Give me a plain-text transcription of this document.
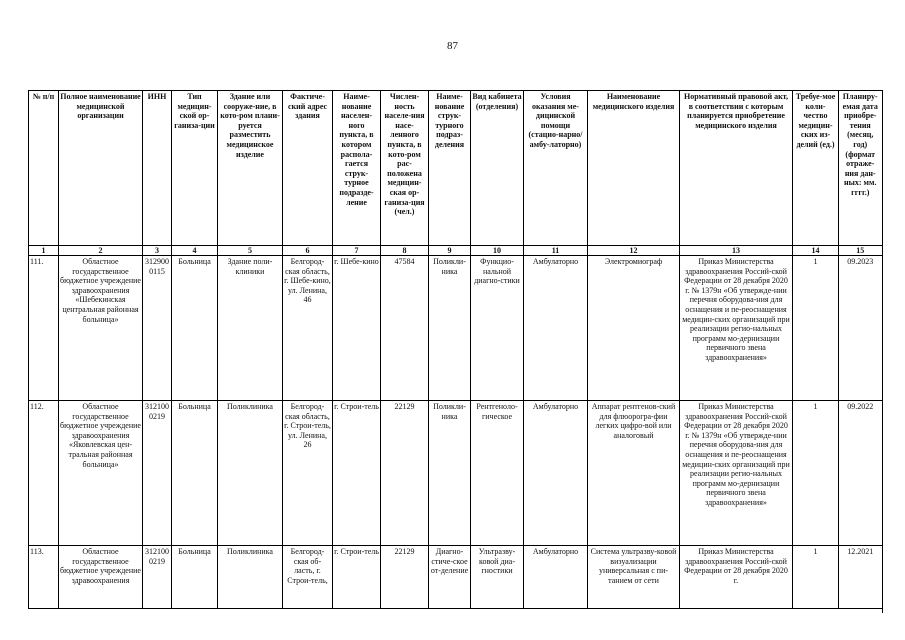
87
№ п/п	Полное наименование медицинской организации	ИНН	Тип медицин-ской ор-ганиза-ции	Здание или сооруже-ние, в кото-ром плани-руется разместить медицинское изделие	Фактиче-ский адрес здания	Наиме-нование населен-ного пункта, в котором распола-гается струк-турное подразде-ление	Числен-ность населе-ния насе-ленного пункта, в кото-ром рас-положена медицин-ская ор-ганиза-ция (чел.)	Наиме-нование струк-турного подраз-деления	Вид кабинета (отделения)	Условия оказания ме-дицинской помощи (стацио-нарно/амбу-латорно)	Наименование медицинского изделия	Нормативный правовой акт, в соответствии с которым планируется приобретение медицинского изделия	Требуе-мое коли-чество медицин-ских из-делий (ед.)	Планиру-емая дата приобре-тения (месяц, год) (формат отраже-ния дан-ных: мм. гггг.)
1	2	3	4	5	6	7	8	9	10	11	12	13	14	15
111.	Областное государственное бюджетное учреждение здравоохранения «Шебекинская центральная районная больница»	3129000115	Больница	Здание поли-клиники	Белгород-ская область, г. Шебе-кино, ул. Ленина, 46	г. Шебе-кино	47584	Поликли-ника	Функцио-нальной диагно-стики	Амбулаторно	Электромиограф	Приказ Министерства здравоохранения Россий-ской Федерации от 28 декабря 2020 г. № 1379н «Об утвержде-нии перечня оборудова-ния для оснащения и пе-реоснащения медицин-ских организаций при реализации регио-нальных программ мо-дернизации первичного звена здравоохранения»	1	09.2023
112.	Областное государственное бюджетное учреждение здравоохранения «Яковлевская цен-тральная районная больница»	3121000219	Больница	Поликлиника	Белгород-ская область, г. Строи-тель, ул. Ленина, 26	г. Строи-тель	22129	Поликли-ника	Рентгеноло-гическое	Амбулаторно	Аппарат рентгенов-ский для флюорогра-фии легких цифро-вой или аналоговый	Приказ Министерства здравоохранения Россий-ской Федерации от 28 декабря 2020 г. № 1379н «Об утвержде-нии перечня оборудова-ния для оснащения и пе-реоснащения медицин-ских организаций при реализации регио-нальных программ мо-дернизации первичного звена здравоохранения»	1	09.2022
113.	Областное государственное бюджетное учреждение здравоохранения	3121000219	Больница	Поликлиника	Белгород-ская об-ласть, г. Строи-тель,	г. Строи-тель	22129	Диагно-стиче-ское от-деление	Ультразву-ковой диа-гностики	Амбулаторно	Система ультразву-ковой визуализации универсальная с пи-танием от сети	Приказ Министерства здравоохранения Россий-ской Федерации от 28 декабря 2020 г.	1	12.2021
